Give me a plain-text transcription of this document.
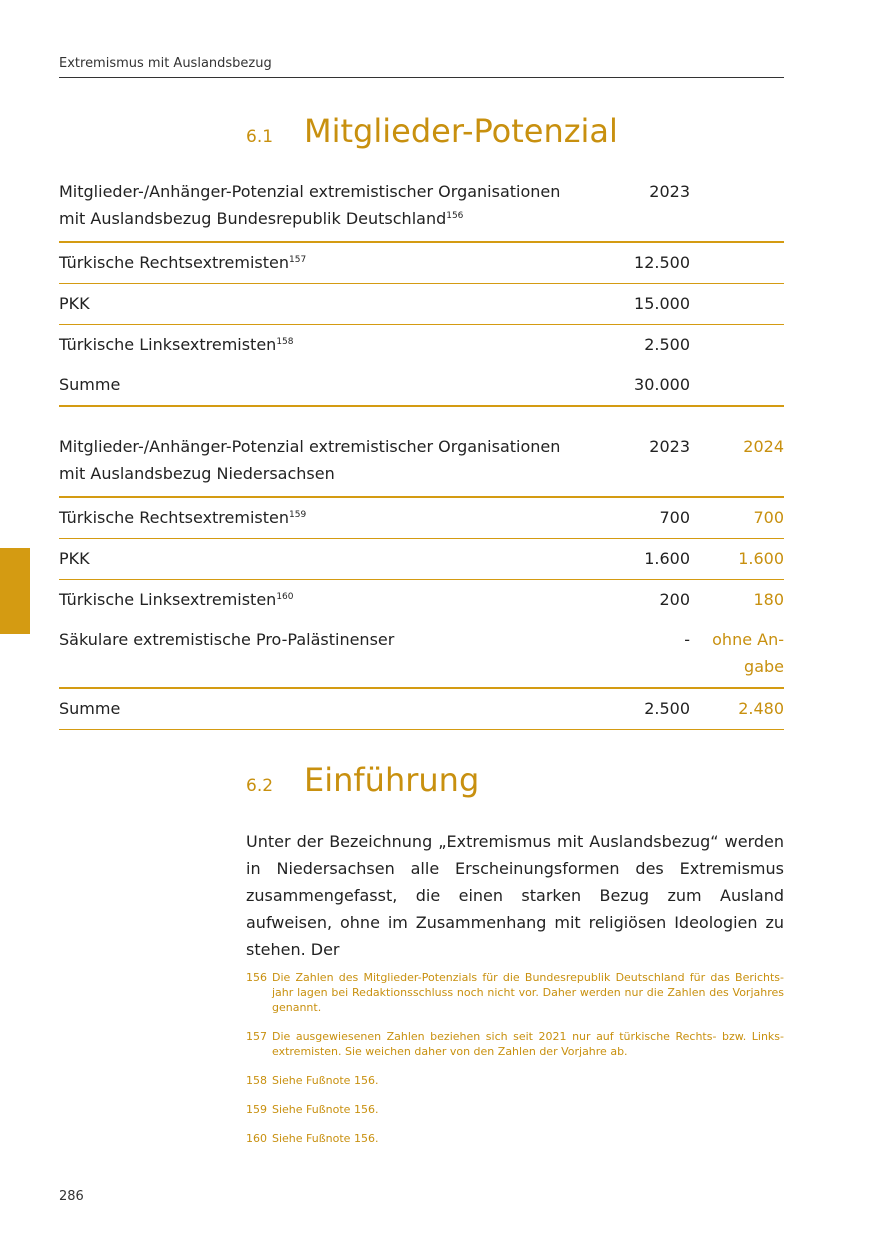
Extremismus mit Auslandsbezug
6.1 Mitglieder-Potenzial
Mitglieder-/Anhänger-Potenzial extremistischer Organisationen
mit Auslandsbezug Bundesrepublik Deutschland$^{156}$	2023	
Türkische Rechtsextremisten$^{157}$	12.500	
PKK	15.000	
Türkische Linksextremisten$^{158}$	2.500	
Summe	30.000	
Mitglieder-/Anhänger-Potenzial extremistischer Organisationen
mit Auslandsbezug Niedersachsen	2023	2024
Türkische Rechtsextremisten$^{159}$	700	700
PKK	1.600	1.600
Türkische Linksextremisten$^{160}$	200	180
Säkulare extremistische Pro-Palästinenser	-	ohne An-
gabe
Summe	2.500	2.480
6.2 Einführung
Unter der Bezeichnung „Extremismus mit Auslandsbezug“ werden in Niedersachsen alle Erscheinungsformen des Extremismus zusammengefasst, die einen starken Bezug zum Ausland aufweisen, ohne im Zusammenhang mit religiösen Ideologien zu stehen. Der
156 Die Zahlen des Mitglieder-Potenzials für die Bundesrepublik Deutschland für das Berichtsjahr lagen bei Redaktionsschluss noch nicht vor. Daher werden nur die Zahlen des Vorjahres genannt.
157 Die ausgewiesenen Zahlen beziehen sich seit 2021 nur auf türkische Rechts- bzw. Linksextremisten. Sie weichen daher von den Zahlen der Vorjahre ab.
158 Siehe Fußnote 156.
159 Siehe Fußnote 156.
160 Siehe Fußnote 156.
286
